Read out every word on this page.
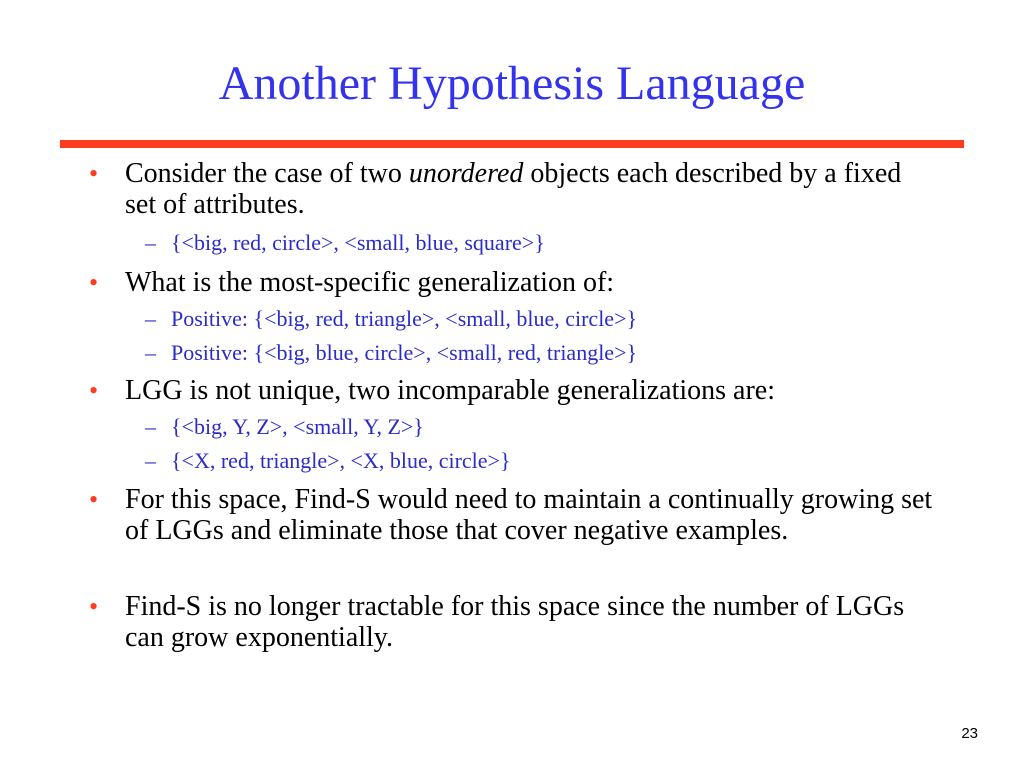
Another Hypothesis Language
• Consider the case of two unordered objects each described by a fixed set of attributes.
– {<big, red, circle>, <small, blue, square>}
• What is the most-specific generalization of:
– Positive: {<big, red, triangle>, <small, blue, circle>}
– Positive: {<big, blue, circle>, <small, red, triangle>}
• LGG is not unique, two incomparable generalizations are:
– {<big, Y, Z>, <small, Y, Z>}
– {<X, red, triangle>, <X, blue, circle>}
• For this space, Find-S would need to maintain a continually growing set of LGGs and eliminate those that cover negative examples.
• Find-S is no longer tractable for this space since the number of LGGs can grow exponentially.
23
